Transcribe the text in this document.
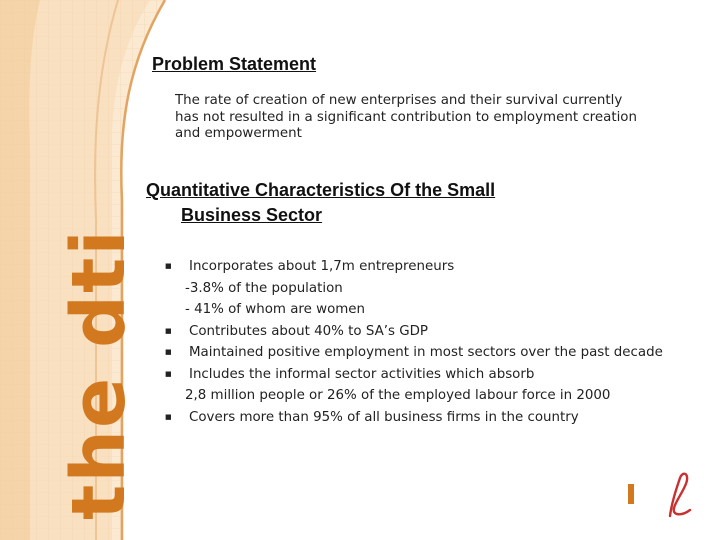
the dti
Problem Statement
The rate of creation of new enterprises and their survival currently
has not resulted in a significant contribution to employment creation
and empowerment
Quantitative Characteristics Of the Small
Business Sector
■ Incorporates about 1,7m entrepreneurs
-3.8% of the population
- 41% of whom are women
■ Contributes about 40% to SA’s GDP
■ Maintained positive employment in most sectors over the past decade
■ Includes the informal sector activities which absorb
2,8 million people or 26% of the employed labour force in 2000
■ Covers more than 95% of all business firms in the country
